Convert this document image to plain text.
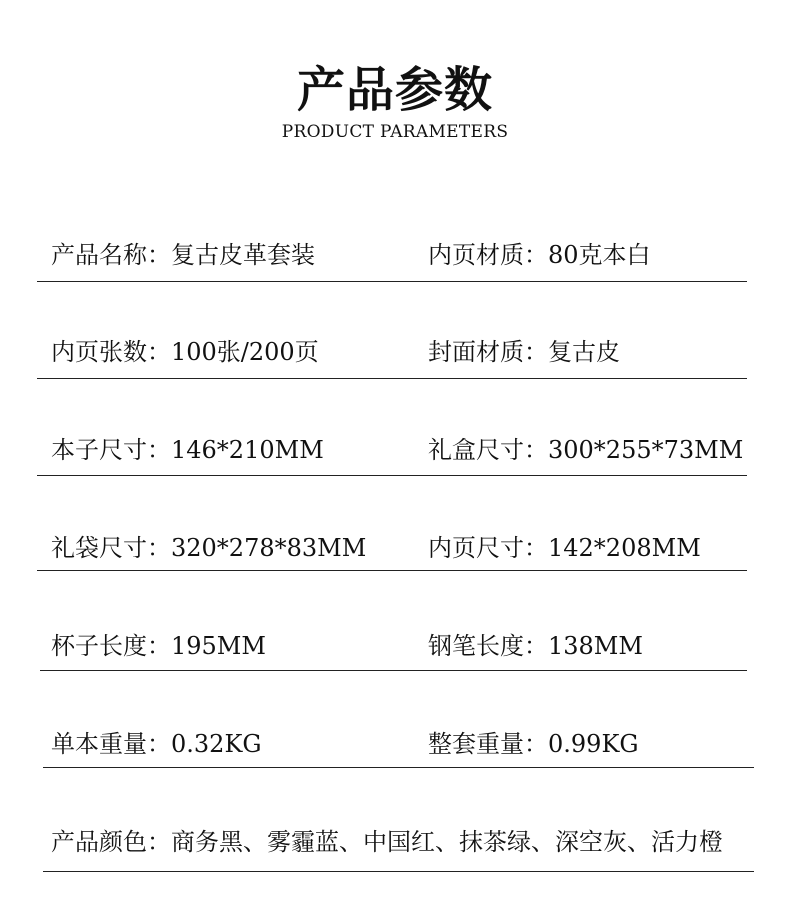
产品参数
PRODUCT PARAMETERS
产品名称：复古皮革套装	内页材质：80克本白
内页张数：100张/200页	封面材质：复古皮
本子尺寸：146*210MM	礼盒尺寸：300*255*73MM
礼袋尺寸：320*278*83MM	内页尺寸：142*208MM
杯子长度：195MM	钢笔长度：138MM
单本重量：0.32KG	整套重量：0.99KG
产品颜色：商务黑、雾霾蓝、中国红、抹茶绿、深空灰、活力橙
